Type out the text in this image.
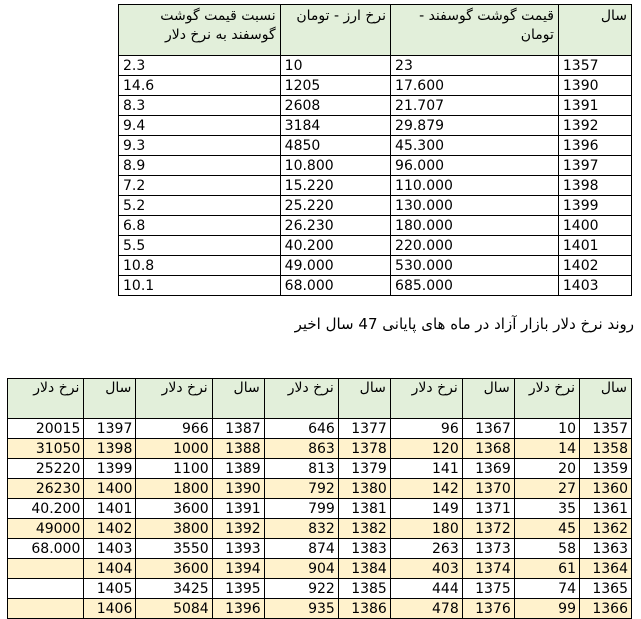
سال	قیمت گوشت گوسفند - تومان	نرخ ارز - تومان	نسبت قیمت گوشت گوسفند به نرخ دلار
1357	23	10	2.3
1390	17.600	1205	14.6
1391	21.707	2608	8.3
1392	29.879	3184	9.4
1396	45.300	4850	9.3
1397	96.000	10.800	8.9
1398	110.000	15.220	7.2
1399	130.000	25.220	5.2
1400	180.000	26.230	6.8
1401	220.000	40.200	5.5
1402	530.000	49.000	10.8
1403	685.000	68.000	10.1
روند نرخ دلار بازار آزاد در ماه های پایانی 47 سال اخیر
سال	نرخ دلار	سال	نرخ دلار	سال	نرخ دلار	سال	نرخ دلار	سال	نرخ دلار
1357	10	1367	96	1377	646	1387	966	1397	20015
1358	14	1368	120	1378	863	1388	1000	1398	31050
1359	20	1369	141	1379	813	1389	1100	1399	25220
1360	27	1370	142	1380	792	1390	1800	1400	26230
1361	35	1371	149	1381	799	1391	3600	1401	40.200
1362	45	1372	180	1382	832	1392	3800	1402	49000
1363	58	1373	263	1383	874	1393	3550	1403	68.000
1364	61	1374	403	1384	904	1394	3600	1404	
1365	74	1375	444	1385	922	1395	3425	1405	
1366	99	1376	478	1386	935	1396	5084	1406	
